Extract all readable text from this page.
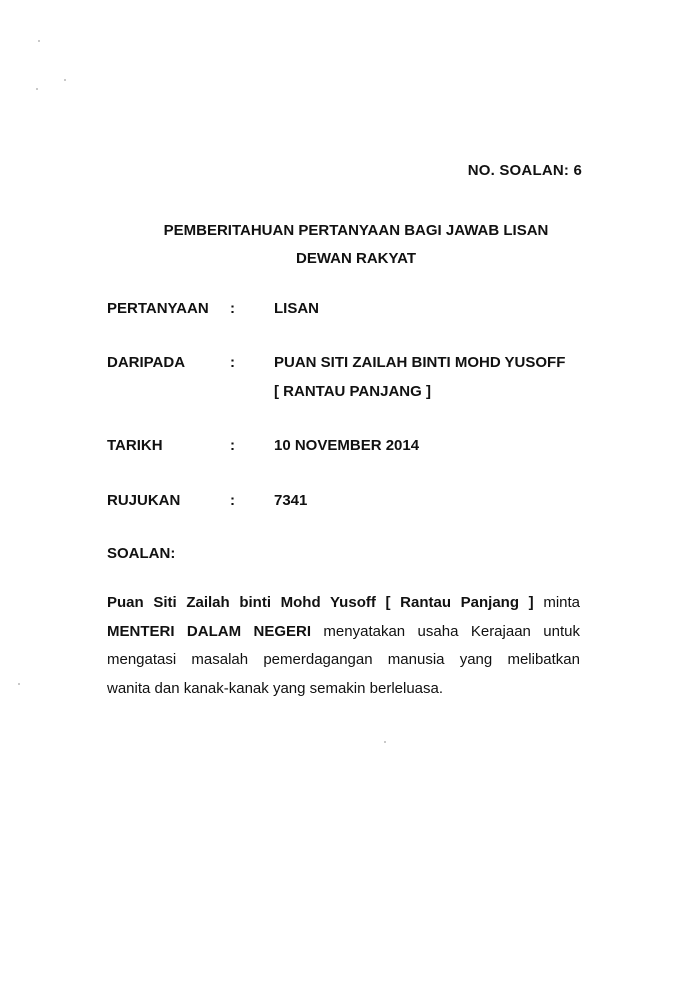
NO. SOALAN: 6
PEMBERITAHUAN PERTANYAAN BAGI JAWAB LISAN
DEWAN RAKYAT
PERTANYAAN :	LISAN
DARIPADA	:	PUAN SITI ZAILAH BINTI MOHD YUSOFF
[ RANTAU PANJANG ]
TARIKH	:	10 NOVEMBER 2014
RUJUKAN	:	7341
SOALAN:
Puan Siti Zailah binti Mohd Yusoff [ Rantau Panjang ] minta
MENTERI DALAM NEGERI menyatakan usaha Kerajaan untuk
mengatasi masalah pemerdagangan manusia yang melibatkan
wanita dan kanak-kanak yang semakin berleluasa.
